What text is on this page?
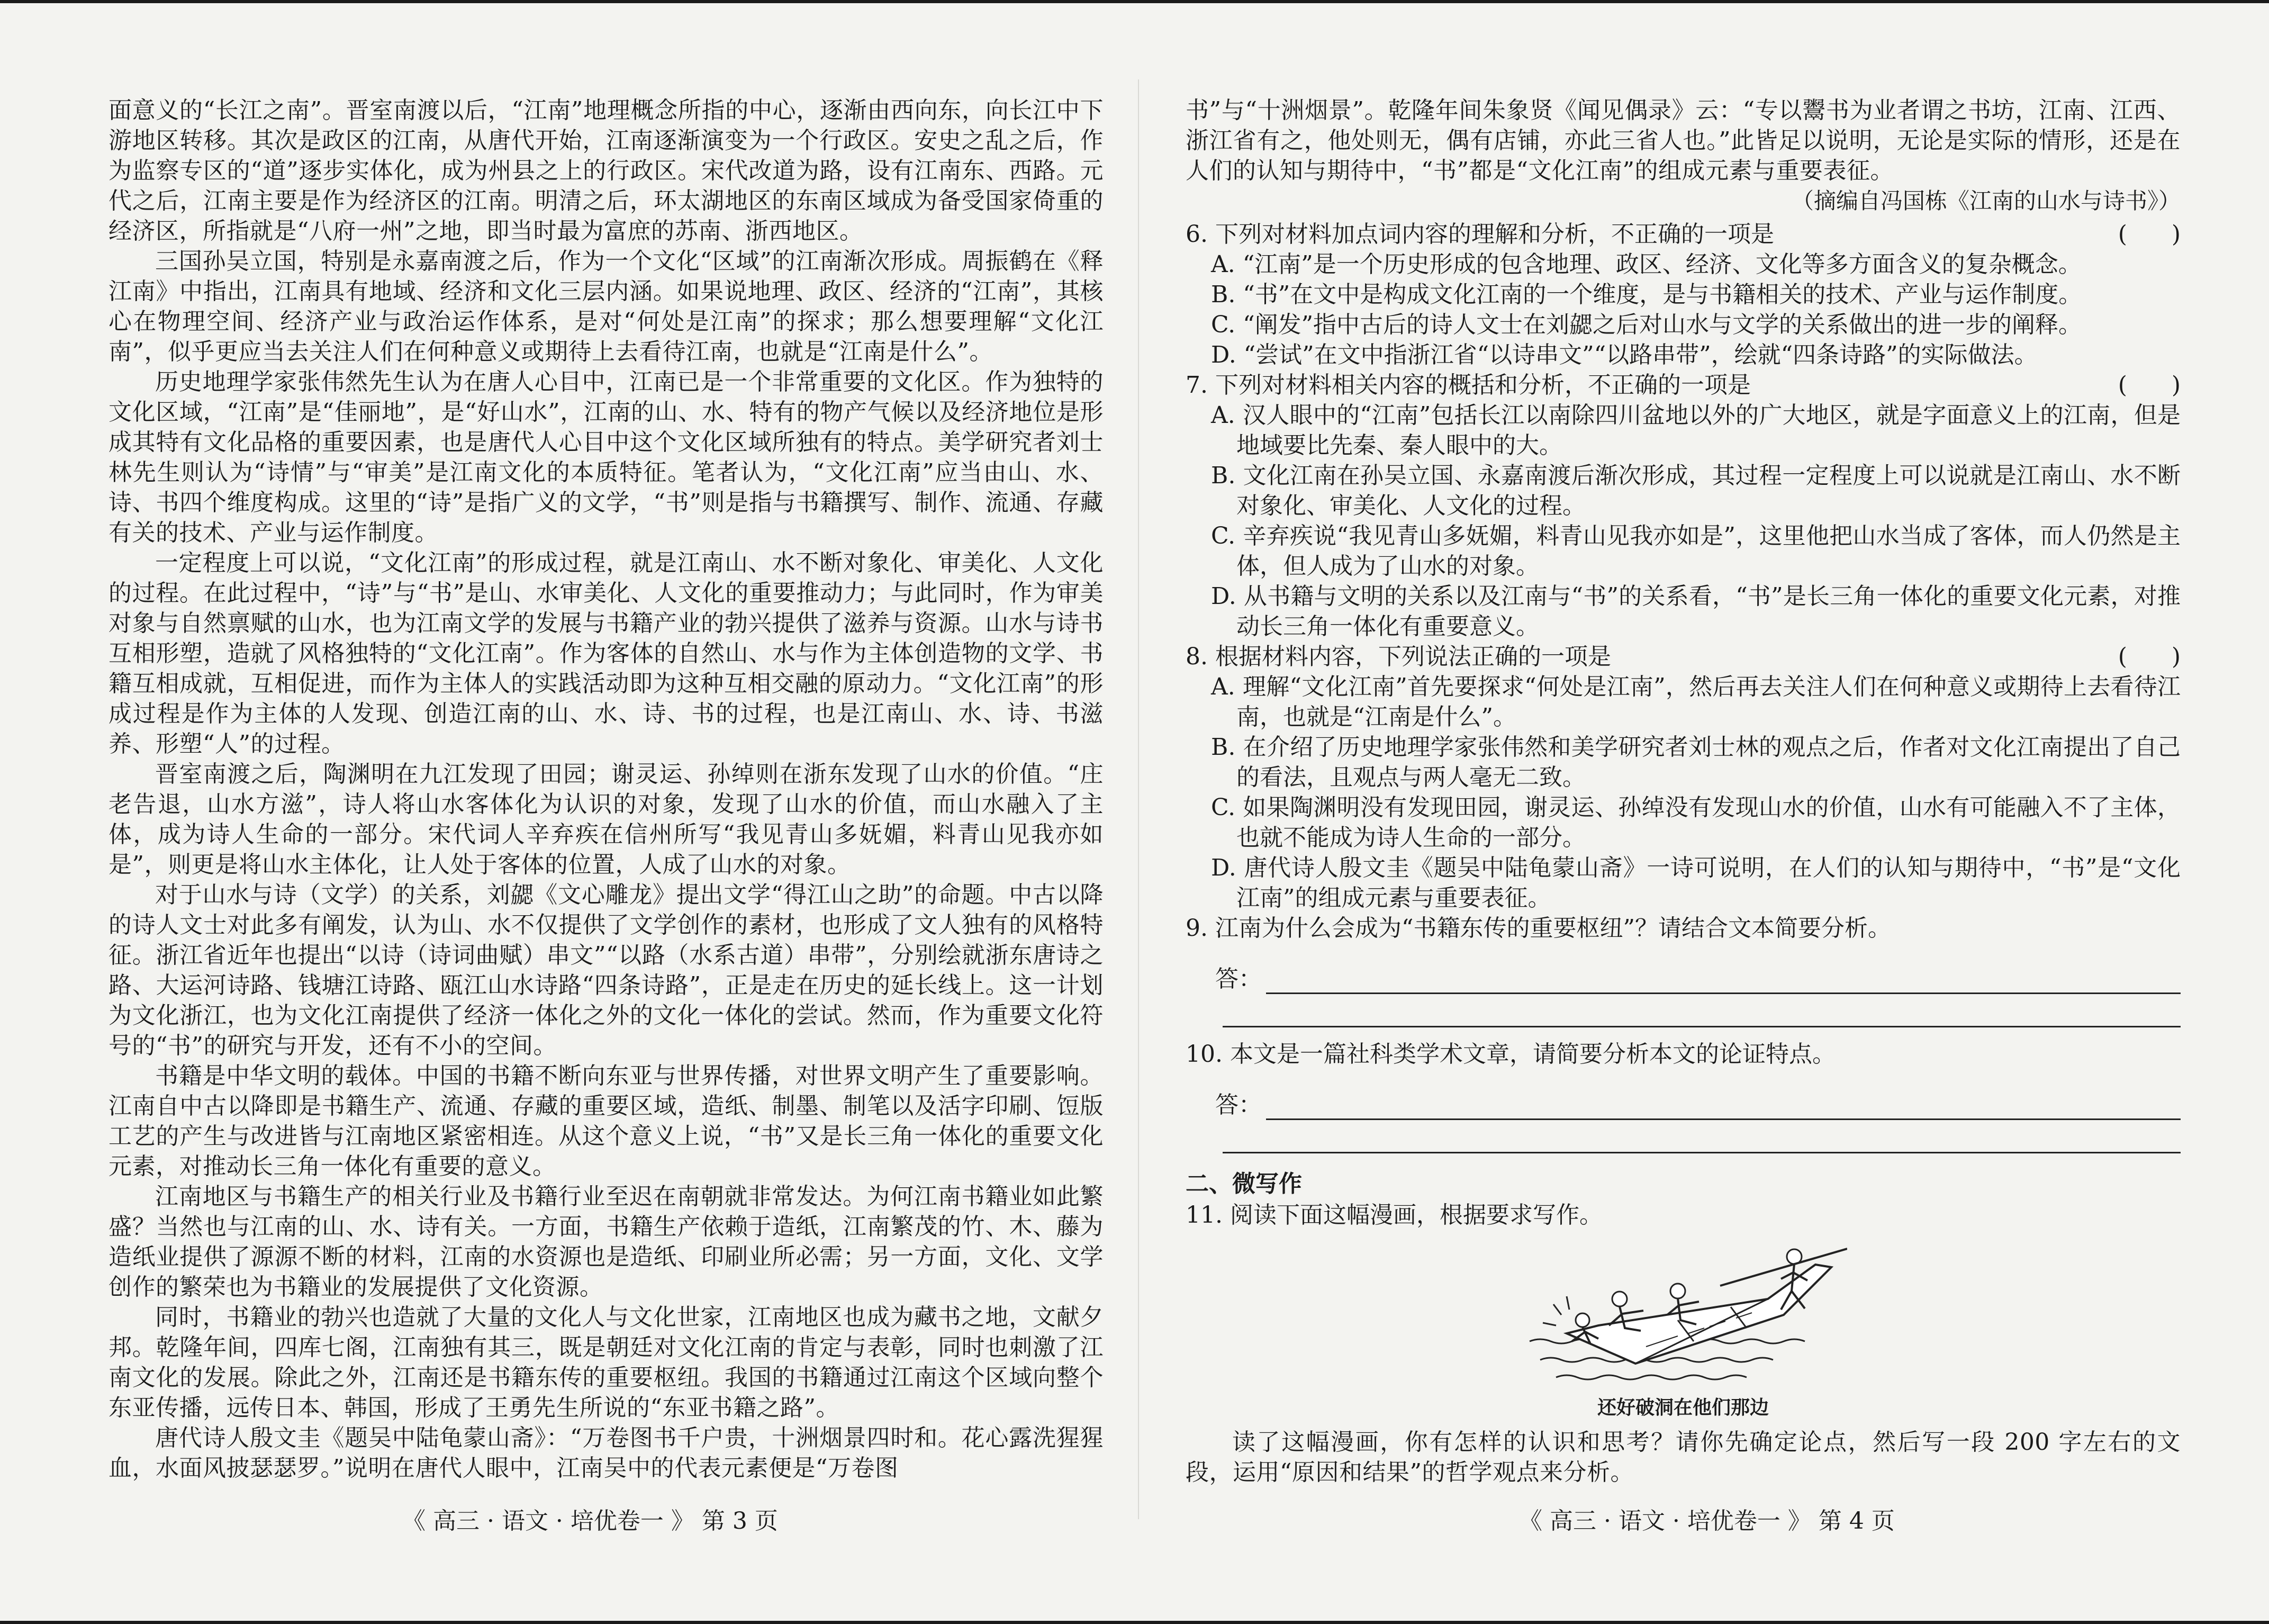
面意义的“长江之南”。晋室南渡以后，“江南”地理概念所指的中心，逐渐由西向东，向长江中下游地区转移。其次是政区的江南，从唐代开始，江南逐渐演变为一个行政区。安史之乱之后，作为监察专区的“道”逐步实体化，成为州县之上的行政区。宋代改道为路，设有江南东、西路。元代之后，江南主要是作为经济区的江南。明清之后，环太湖地区的东南区域成为备受国家倚重的经济区，所指就是“八府一州”之地，即当时最为富庶的苏南、浙西地区。

三国孙吴立国，特别是永嘉南渡之后，作为一个文化“区域”的江南渐次形成。周振鹤在《释江南》中指出，江南具有地域、经济和文化三层内涵。如果说地理、政区、经济的“江南”，其核心在物理空间、经济产业与政治运作体系，是对“何处是江南”的探求；那么想要理解“文化江南”，似乎更应当去关注人们在何种意义或期待上去看待江南，也就是“江南是什么”。

历史地理学家张伟然先生认为在唐人心目中，江南已是一个非常重要的文化区。作为独特的文化区域，“江南”是“佳丽地”，是“好山水”，江南的山、水、特有的物产气候以及经济地位是形成其特有文化品格的重要因素，也是唐代人心目中这个文化区域所独有的特点。美学研究者刘士林先生则认为“诗情”与“审美”是江南文化的本质特征。笔者认为，“文化江南”应当由山、水、诗、书四个维度构成。这里的“诗”是指广义的文学，“书”则是指与书籍撰写、制作、流通、存藏有关的技术、产业与运作制度。

一定程度上可以说，“文化江南”的形成过程，就是江南山、水不断对象化、审美化、人文化的过程。在此过程中，“诗”与“书”是山、水审美化、人文化的重要推动力；与此同时，作为审美对象与自然禀赋的山水，也为江南文学的发展与书籍产业的勃兴提供了滋养与资源。山水与诗书互相形塑，造就了风格独特的“文化江南”。作为客体的自然山、水与作为主体创造物的文学、书籍互相成就，互相促进，而作为主体人的实践活动即为这种互相交融的原动力。“文化江南”的形成过程是作为主体的人发现、创造江南的山、水、诗、书的过程，也是江南山、水、诗、书滋养、形塑“人”的过程。

晋室南渡之后，陶渊明在九江发现了田园；谢灵运、孙绰则在浙东发现了山水的价值。“庄老告退，山水方滋”，诗人将山水客体化为认识的对象，发现了山水的价值，而山水融入了主体，成为诗人生命的一部分。宋代词人辛弃疾在信州所写“我见青山多妩媚，料青山见我亦如是”，则更是将山水主体化，让人处于客体的位置，人成了山水的对象。

对于山水与诗（文学）的关系，刘勰《文心雕龙》提出文学“得江山之助”的命题。中古以降的诗人文士对此多有阐发，认为山、水不仅提供了文学创作的素材，也形成了文人独有的风格特征。浙江省近年也提出“以诗（诗词曲赋）串文”“以路（水系古道）串带”，分别绘就浙东唐诗之路、大运河诗路、钱塘江诗路、瓯江山水诗路“四条诗路”，正是走在历史的延长线上。这一计划为文化浙江，也为文化江南提供了经济一体化之外的文化一体化的尝试。然而，作为重要文化符号的“书”的研究与开发，还有不小的空间。

书籍是中华文明的载体。中国的书籍不断向东亚与世界传播，对世界文明产生了重要影响。江南自中古以降即是书籍生产、流通、存藏的重要区域，造纸、制墨、制笔以及活字印刷、饾版工艺的产生与改进皆与江南地区紧密相连。从这个意义上说，“书”又是长三角一体化的重要文化元素，对推动长三角一体化有重要的意义。

江南地区与书籍生产的相关行业及书籍行业至迟在南朝就非常发达。为何江南书籍业如此繁盛？当然也与江南的山、水、诗有关。一方面，书籍生产依赖于造纸，江南繁茂的竹、木、藤为造纸业提供了源源不断的材料，江南的水资源也是造纸、印刷业所必需；另一方面，文化、文学创作的繁荣也为书籍业的发展提供了文化资源。

同时，书籍业的勃兴也造就了大量的文化人与文化世家，江南地区也成为藏书之地，文献夕邦。乾隆年间，四库七阁，江南独有其三，既是朝廷对文化江南的肯定与表彰，同时也刺激了江南文化的发展。除此之外，江南还是书籍东传的重要枢纽。我国的书籍通过江南这个区域向整个东亚传播，远传日本、韩国，形成了王勇先生所说的“东亚书籍之路”。

唐代诗人殷文圭《题吴中陆龟蒙山斋》：“万卷图书千户贵，十洲烟景四时和。花心露洗猩猩血，水面风披瑟瑟罗。”说明在唐代人眼中，江南吴中的代表元素便是“万卷图

《 高三 · 语文 · 培优卷一 》 第 3 页

书”与“十洲烟景”。乾隆年间朱象贤《闻见偶录》云：“专以鬻书为业者谓之书坊，江南、江西、浙江省有之，他处则无，偶有店铺，亦此三省人也。”此皆足以说明，无论是实际的情形，还是在人们的认知与期待中，“书”都是“文化江南”的组成元素与重要表征。

（摘编自冯国栋《江南的山水与诗书》）

6. 下列对材料加点词内容的理解和分析，不正确的一项是	(      )

A. “江南”是一个历史形成的包含地理、政区、经济、文化等多方面含义的复杂概念。

B. “书”在文中是构成文化江南的一个维度，是与书籍相关的技术、产业与运作制度。

C. “阐发”指中古后的诗人文士在刘勰之后对山水与文学的关系做出的进一步的阐释。

D. “尝试”在文中指浙江省“以诗串文”“以路串带”，绘就“四条诗路”的实际做法。

7. 下列对材料相关内容的概括和分析，不正确的一项是	(      )

A. 汉人眼中的“江南”包括长江以南除四川盆地以外的广大地区，就是字面意义上的江南，但是地域要比先秦、秦人眼中的大。

B. 文化江南在孙吴立国、永嘉南渡后渐次形成，其过程一定程度上可以说就是江南山、水不断对象化、审美化、人文化的过程。

C. 辛弃疾说“我见青山多妩媚，料青山见我亦如是”，这里他把山水当成了客体，而人仍然是主体，但人成为了山水的对象。

D. 从书籍与文明的关系以及江南与“书”的关系看，“书”是长三角一体化的重要文化元素，对推动长三角一体化有重要意义。

8. 根据材料内容，下列说法正确的一项是	(      )

A. 理解“文化江南”首先要探求“何处是江南”，然后再去关注人们在何种意义或期待上去看待江南，也就是“江南是什么”。

B. 在介绍了历史地理学家张伟然和美学研究者刘士林的观点之后，作者对文化江南提出了自己的看法，且观点与两人毫无二致。

C. 如果陶渊明没有发现田园，谢灵运、孙绰没有发现山水的价值，山水有可能融入不了主体，也就不能成为诗人生命的一部分。

D. 唐代诗人殷文圭《题吴中陆龟蒙山斋》一诗可说明，在人们的认知与期待中，“书”是“文化江南”的组成元素与重要表征。

9. 江南为什么会成为“书籍东传的重要枢纽”？请结合文本简要分析。
答：
10. 本文是一篇社科类学术文章，请简要分析本文的论证特点。
答：
二、微写作
11. 阅读下面这幅漫画，根据要求写作。
还好破洞在他们那边

读了这幅漫画，你有怎样的认识和思考？请你先确定论点，然后写一段 200 字左右的文段，运用“原因和结果”的哲学观点来分析。

《 高三 · 语文 · 培优卷一 》 第 4 页
